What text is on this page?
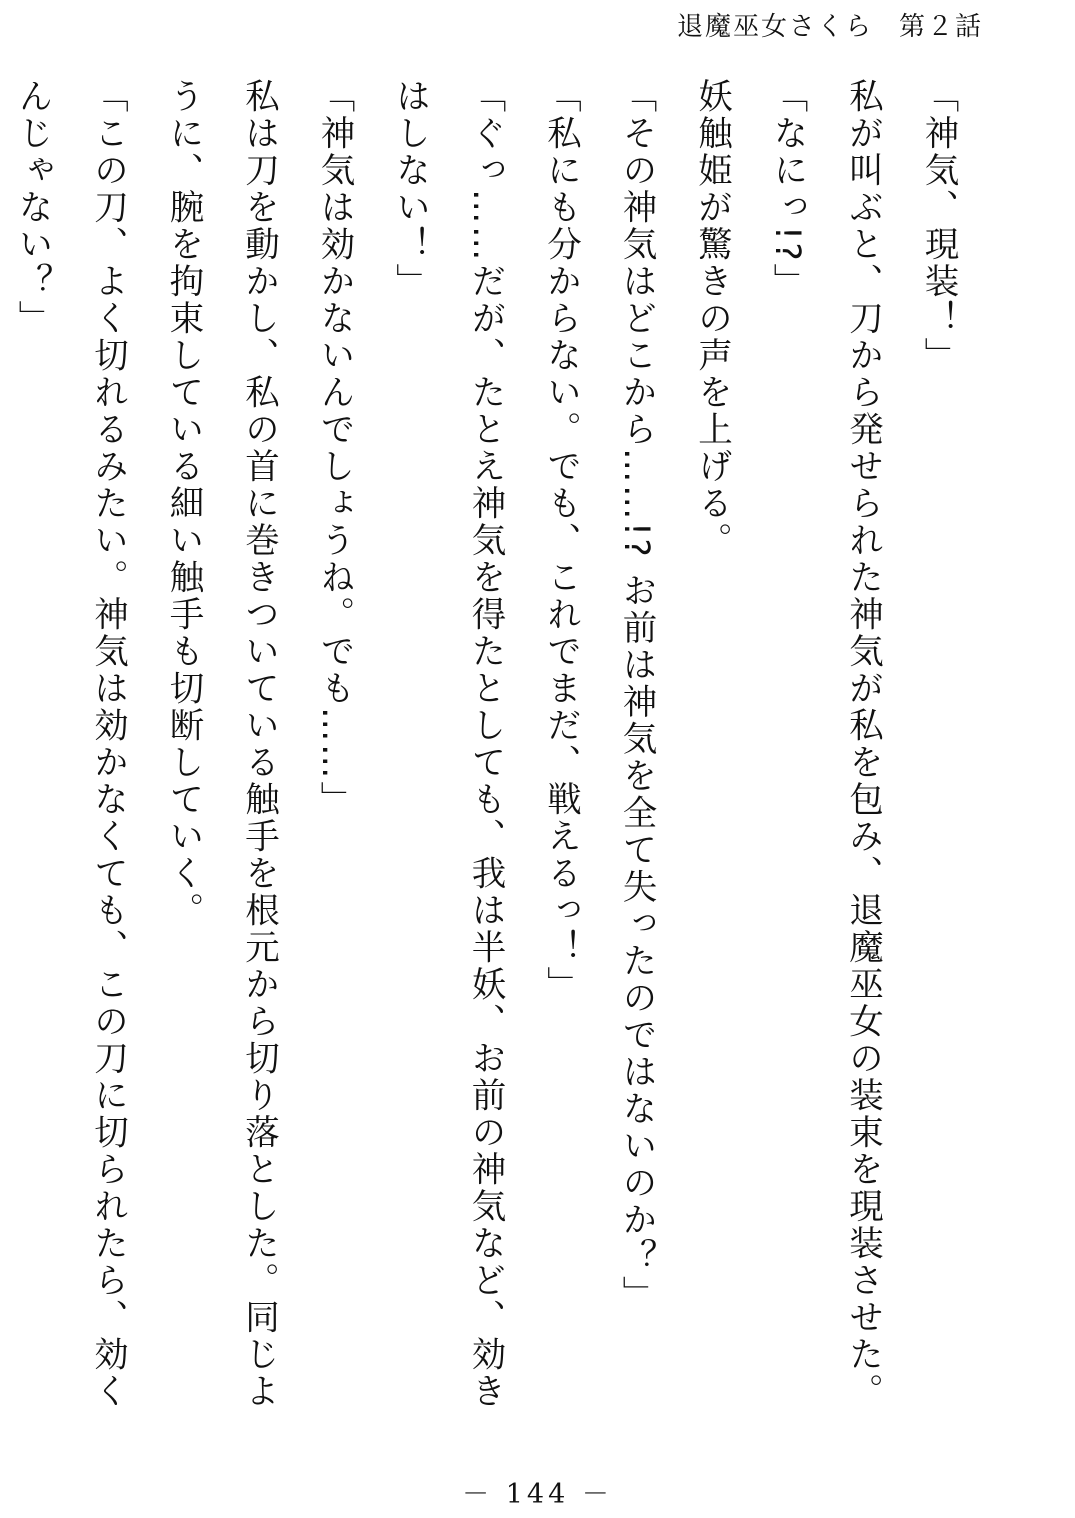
退魔巫女さくら 第２話

「神気、現装！」

私が叫ぶと、刀から発せられた神気が私を包み、退魔巫女の装束を現装させた。

「なにっ!?」

妖触姫が驚きの声を上げる。

「その神気はどこから……!? お前は神気を全て失ったのではないのか？」

「私にも分からない。でも、これでまだ、戦えるっ！」

「ぐっ……だが、たとえ神気を得たとしても、我は半妖、お前の神気など、効きはしない！」

「神気は効かないんでしょうね。でも……」

私は刀を動かし、私の首に巻きついている触手を根元から切り落とした。同じように、腕を拘束している細い触手も切断していく。

「この刀、よく切れるみたい。神気は効かなくても、この刀に切られたら、効くんじゃない？」

－ 144 －
